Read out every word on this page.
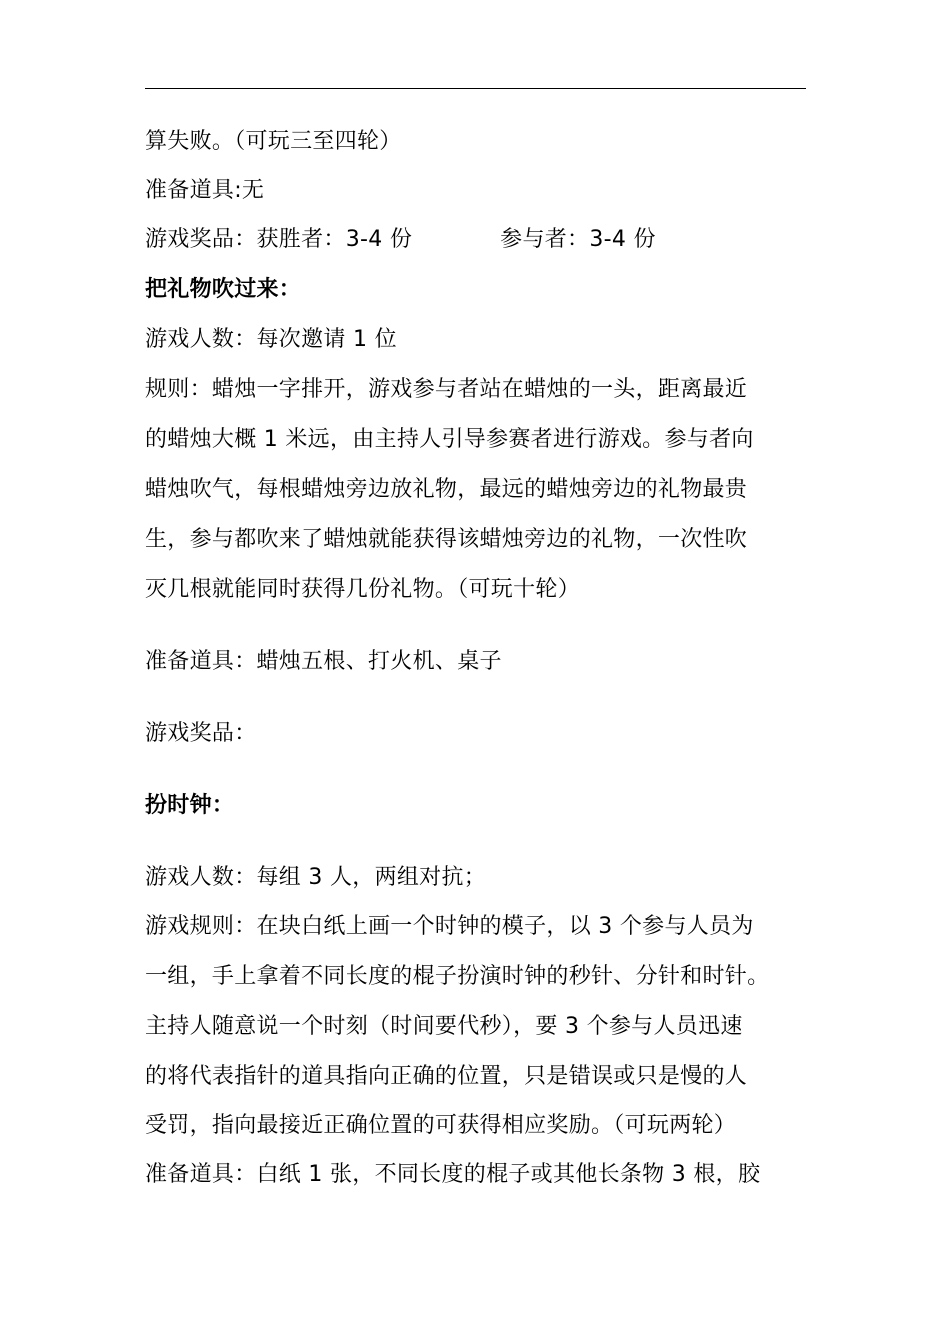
算失败。（可玩三至四轮）

准备道具:无

游戏奖品：获胜者：3-4 份	参与者：3-4 份

把礼物吹过来：

游戏人数：每次邀请 1 位

规则：蜡烛一字排开，游戏参与者站在蜡烛的一头，距离最近

的蜡烛大概 1 米远，由主持人引导参赛者进行游戏。参与者向

蜡烛吹气，每根蜡烛旁边放礼物，最远的蜡烛旁边的礼物最贵

生，参与都吹来了蜡烛就能获得该蜡烛旁边的礼物，一次性吹

灭几根就能同时获得几份礼物。（可玩十轮）

准备道具：蜡烛五根、打火机、桌子

游戏奖品：

扮时钟：

游戏人数：每组 3 人，两组对抗；

游戏规则：在块白纸上画一个时钟的模子，以 3 个参与人员为

一组，手上拿着不同长度的棍子扮演时钟的秒针、分针和时针。

主持人随意说一个时刻（时间要代秒），要 3 个参与人员迅速

的将代表指针的道具指向正确的位置，只是错误或只是慢的人

受罚，指向最接近正确位置的可获得相应奖励。（可玩两轮）

准备道具：白纸 1 张，不同长度的棍子或其他长条物 3 根，胶
